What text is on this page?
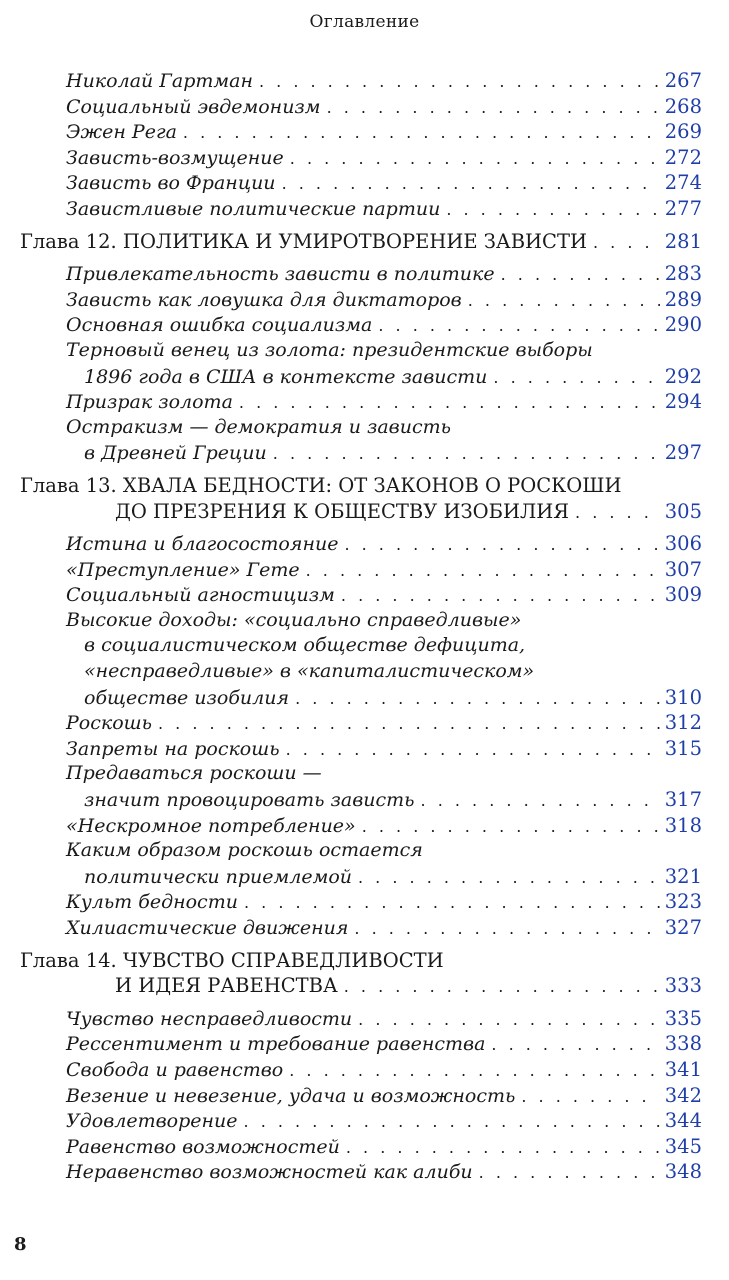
Оглавление
Николай Гартман . . .	267
Социальный эвдемонизм . . .	268
Эжен Рега . . .	269
Зависть-возмущение . . .	272
Зависть во Франции . . .	274
Завистливые политические партии . . .	277
Глава 12. ПОЛИТИКА И УМИРОТВОРЕНИЕ ЗАВИСТИ . . .	281
Привлекательность зависти в политике . . .	283
Зависть как ловушка для диктаторов . . .	289
Основная ошибка социализма . . .	290
Терновый венец из золота: президентские выборы
1896 года в США в контексте зависти . . .	292
Призрак золота . . .	294
Остракизм — демократия и зависть
в Древней Греции . . .	297
Глава 13. ХВАЛА БЕДНОСТИ: ОТ ЗАКОНОВ О РОСКОШИ
ДО ПРЕЗРЕНИЯ К ОБЩЕСТВУ ИЗОБИЛИЯ . . .	305
Истина и благосостояние . . .	306
«Преступление» Гете . . .	307
Социальный агностицизм . . .	309
Высокие доходы: «социально справедливые»
в социалистическом обществе дефицита,
«несправедливые» в «капиталистическом»
обществе изобилия . . .	310
Роскошь . . .	312
Запреты на роскошь . . .	315
Предаваться роскоши —
значит провоцировать зависть . . .	317
«Нескромное потребление» . . .	318
Каким образом роскошь остается
политически приемлемой . . .	321
Культ бедности . . .	323
Хилиастические движения . . .	327
Глава 14. ЧУВСТВО СПРАВЕДЛИВОСТИ
И ИДЕЯ РАВЕНСТВА . . .	333
Чувство несправедливости . . .	335
Рессентимент и требование равенства . . .	338
Свобода и равенство . . .	341
Везение и невезение, удача и возможность . . .	342
Удовлетворение . . .	344
Равенство возможностей . . .	345
Неравенство возможностей как алиби . . .	348
8
